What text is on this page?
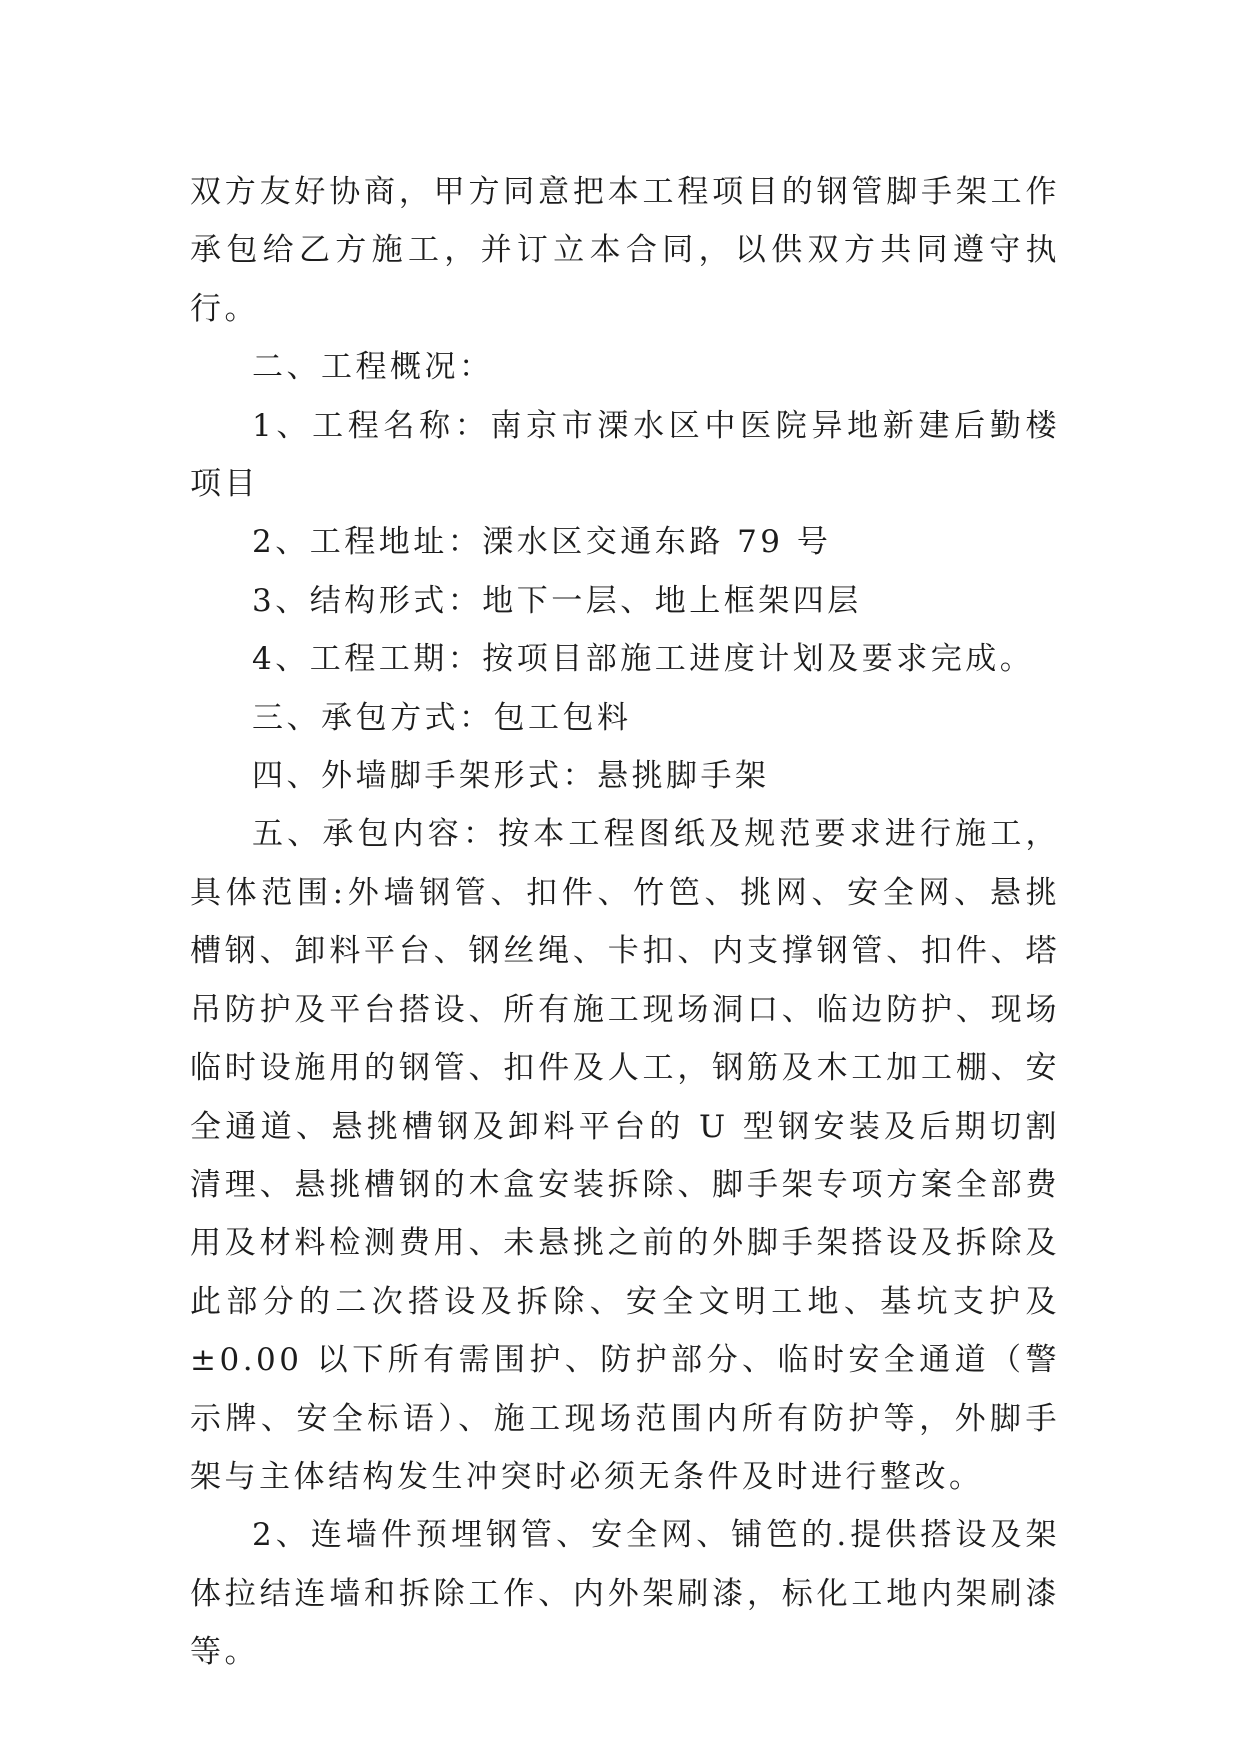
双方友好协商，甲方同意把本工程项目的钢管脚手架工作承包给乙方施工，并订立本合同，以供双方共同遵守执行。

二、工程概况：

1、工程名称：南京市溧水区中医院异地新建后勤楼项目

2、工程地址：溧水区交通东路 79 号

3、结构形式：地下一层、地上框架四层

4、工程工期：按项目部施工进度计划及要求完成。

三、承包方式：包工包料

四、外墙脚手架形式：悬挑脚手架

五、承包内容：按本工程图纸及规范要求进行施工，具体范围:外墙钢管、扣件、竹笆、挑网、安全网、悬挑槽钢、卸料平台、钢丝绳、卡扣、内支撑钢管、扣件、塔吊防护及平台搭设、所有施工现场洞口、临边防护、现场临时设施用的钢管、扣件及人工，钢筋及木工加工棚、安全通道、悬挑槽钢及卸料平台的 U 型钢安装及后期切割清理、悬挑槽钢的木盒安装拆除、脚手架专项方案全部费用及材料检测费用、未悬挑之前的外脚手架搭设及拆除及此部分的二次搭设及拆除、安全文明工地、基坑支护及±0.00 以下所有需围护、防护部分、临时安全通道（警示牌、安全标语）、施工现场范围内所有防护等，外脚手架与主体结构发生冲突时必须无条件及时进行整改。

2、连墙件预埋钢管、安全网、铺笆的.提供搭设及架体拉结连墙和拆除工作、内外架刷漆，标化工地内架刷漆等。
